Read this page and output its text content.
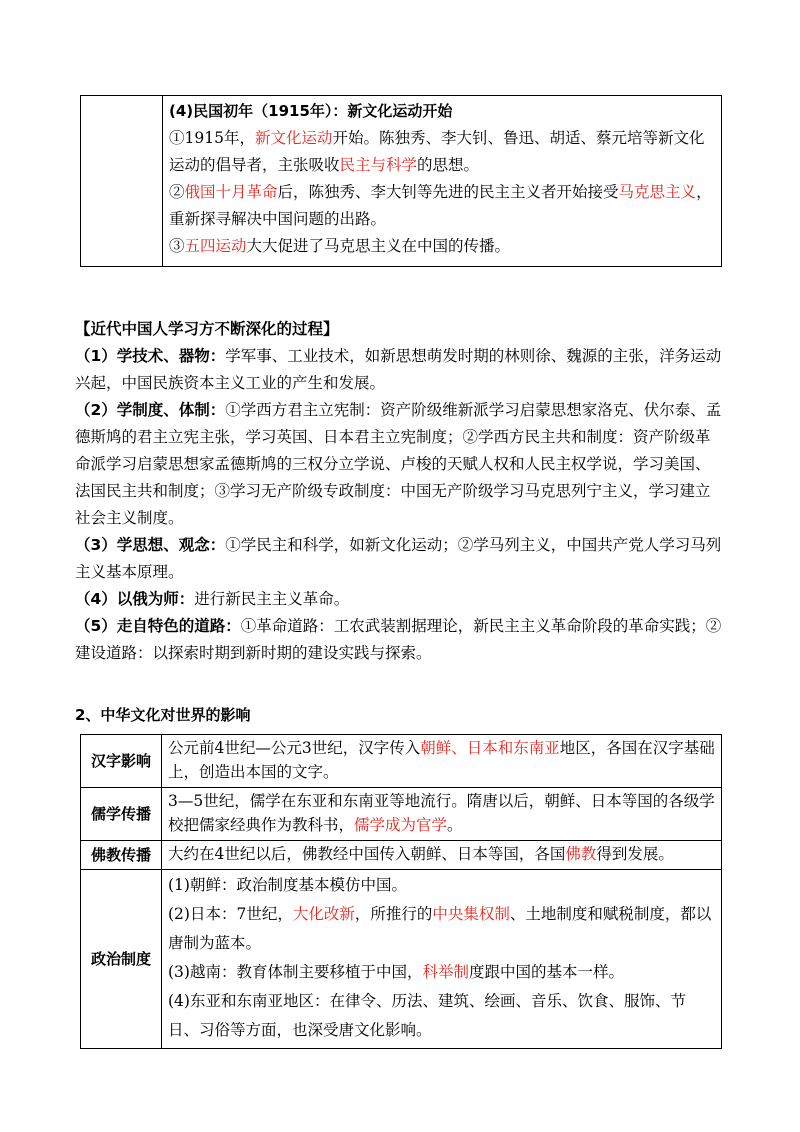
(4)民国初年（1915年）：新文化运动开始
①1915年，新文化运动开始。陈独秀、李大钊、鲁迅、胡适、蔡元培等新文化运动的倡导者，主张吸收民主与科学的思想。
②俄国十月革命后，陈独秀、李大钊等先进的民主主义者开始接受马克思主义，重新探寻解决中国问题的出路。
③五四运动大大促进了马克思主义在中国的传播。

【近代中国人学习方不断深化的过程】

（1）学技术、器物：学军事、工业技术，如新思想萌发时期的林则徐、魏源的主张，洋务运动兴起，中国民族资本主义工业的产生和发展。

（2）学制度、体制：①学西方君主立宪制：资产阶级维新派学习启蒙思想家洛克、伏尔泰、孟德斯鸠的君主立宪主张，学习英国、日本君主立宪制度；②学西方民主共和制度：资产阶级革命派学习启蒙思想家孟德斯鸠的三权分立学说、卢梭的天赋人权和人民主权学说，学习美国、法国民主共和制度；③学习无产阶级专政制度：中国无产阶级学习马克思列宁主义，学习建立社会主义制度。

（3）学思想、观念：①学民主和科学，如新文化运动；②学马列主义，中国共产党人学习马列主义基本原理。

（4）以俄为师：进行新民主主义革命。

（5）走自特色的道路：①革命道路：工农武装割据理论，新民主主义革命阶段的革命实践；②建设道路：以探索时期到新时期的建设实践与探索。

2、中华文化对世界的影响
汉字影响	公元前4世纪—公元3世纪，汉字传入朝鲜、日本和东南亚地区，各国在汉字基础上，创造出本国的文字。
儒学传播	3—5世纪，儒学在东亚和东南亚等地流行。隋唐以后，朝鲜、日本等国的各级学校把儒家经典作为教科书，儒学成为官学。
佛教传播	大约在4世纪以后，佛教经中国传入朝鲜、日本等国，各国佛教得到发展。
政治制度	(1)朝鲜：政治制度基本模仿中国。
(2)日本：7世纪，大化改新，所推行的中央集权制、土地制度和赋税制度，都以唐制为蓝本。
(3)越南：教育体制主要移植于中国，科举制度跟中国的基本一样。
(4)东亚和东南亚地区：在律令、历法、建筑、绘画、音乐、饮食、服饰、节日、习俗等方面，也深受唐文化影响。
